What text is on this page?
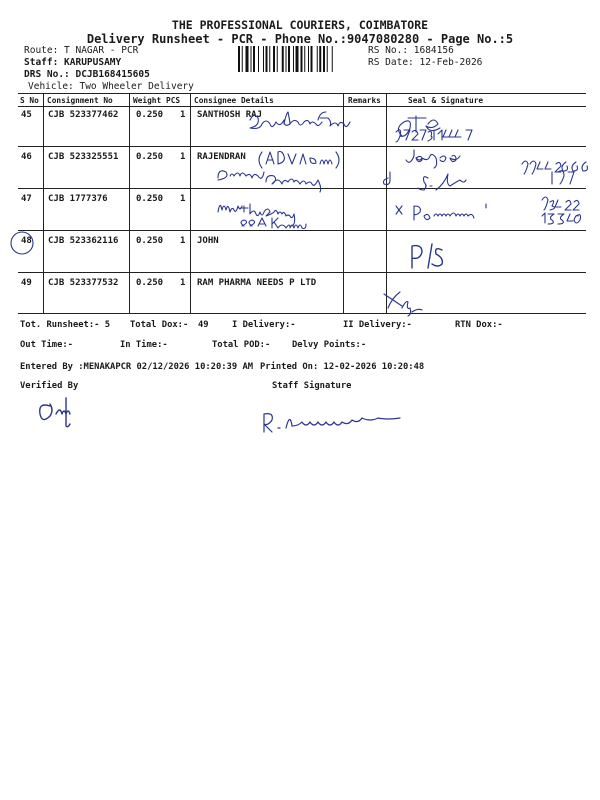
THE PROFESSIONAL COURIERS, COIMBATORE
Delivery Runsheet - PCR - Phone No.:9047080280 - Page No.:5
Route: T NAGAR - PCR
Staff: KARUPUSAMY
DRS No.: DCJB168415605
Vehicle: Two Wheeler Delivery
RS No.: 1684156
RS Date: 12-Feb-2026
S No Consignment No	Weight PCS Consignee Details	Remarks	Seal & Signature
45 CJB 523377462 0.250 1 SANTHOSH RAJ
46 CJB 523325551 0.250 1 RAJENDRAN
47 CJB 1777376	0.250 1
48 CJB 523362116 0.250 1 JOHN
49 CJB 523377532 0.250 1 RAM PHARMA NEEDS P LTD
Tot. Runsheet:- 5 Total Dox:- 49	I Delivery:-	II Delivery:-	RTN Dox:-
Out Time:-	In Time:-	Total POD:- Delvy Points:-
Entered By :MENAKAPCR 02/12/2026 10:20:39 AM Printed On: 12-02-2026 10:20:48
Verified By	Staff Signature
